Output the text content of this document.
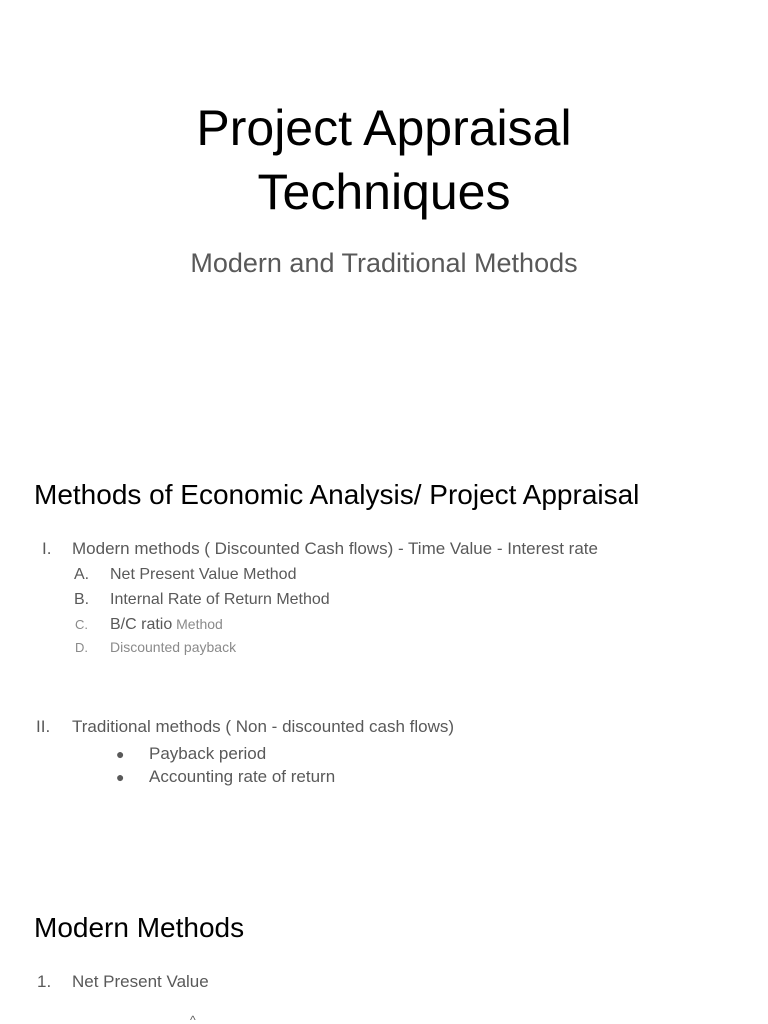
Project Appraisal
Techniques
Modern and Traditional Methods
Methods of Economic Analysis/ Project Appraisal
I.	Modern methods ( Discounted Cash flows) - Time Value - Interest rate
A. Net Present Value Method
B. Internal Rate of Return Method
C. B/C ratio Method
D. Discounted payback
II.	Traditional methods ( Non - discounted cash flows)
● Payback period
● Accounting rate of return
Modern Methods
1. Net Present Value
^
